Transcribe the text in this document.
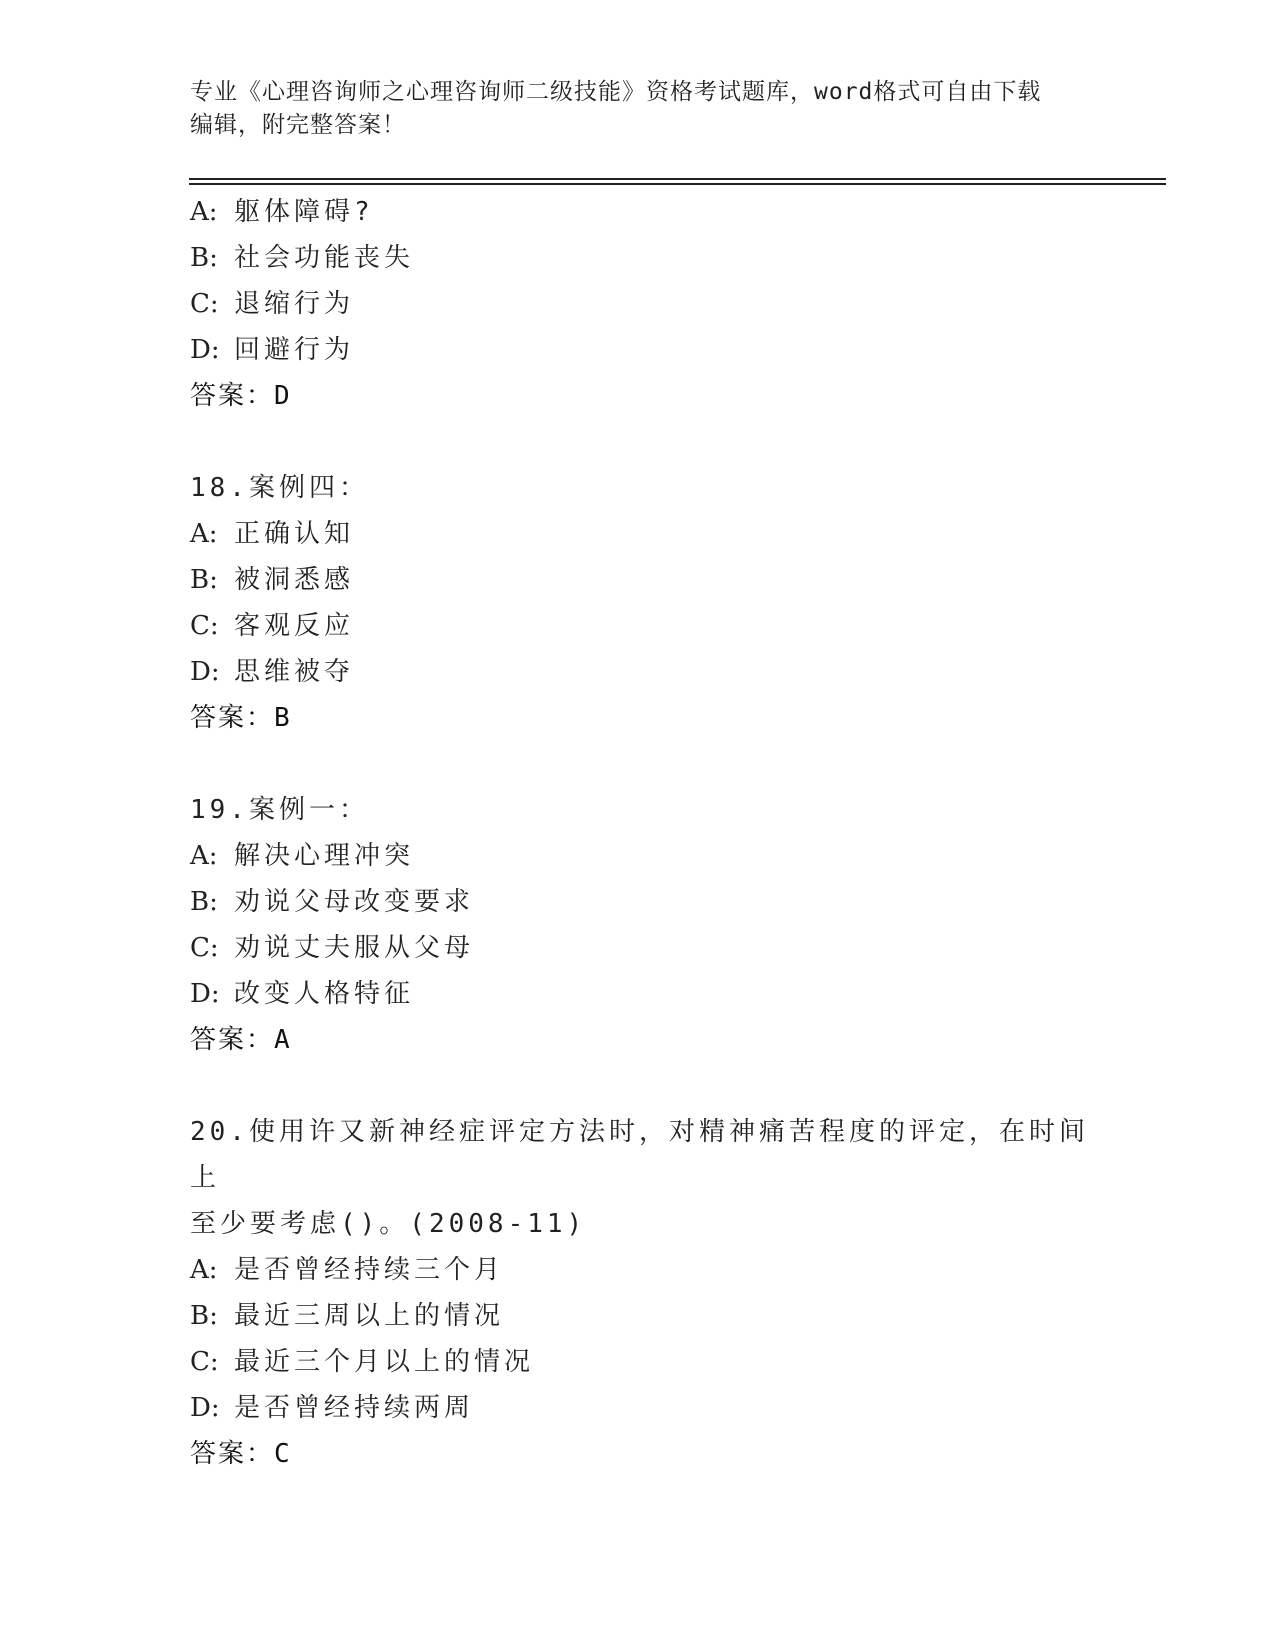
专业《心理咨询师之心理咨询师二级技能》资格考试题库，word格式可自由下载
编辑，附完整答案！
A: 躯体障碍?
B: 社会功能丧失
C: 退缩行为
D: 回避行为
答案：D
18.案例四：
A: 正确认知
B: 被洞悉感
C: 客观反应
D: 思维被夺
答案：B
19.案例一：
A: 解决心理冲突
B: 劝说父母改变要求
C: 劝说丈夫服从父母
D: 改变人格特征
答案：A
20.使用许又新神经症评定方法时，对精神痛苦程度的评定，在时间上
至少要考虑()。(2008-11)
A: 是否曾经持续三个月
B: 最近三周以上的情况
C: 最近三个月以上的情况
D: 是否曾经持续两周
答案：C
